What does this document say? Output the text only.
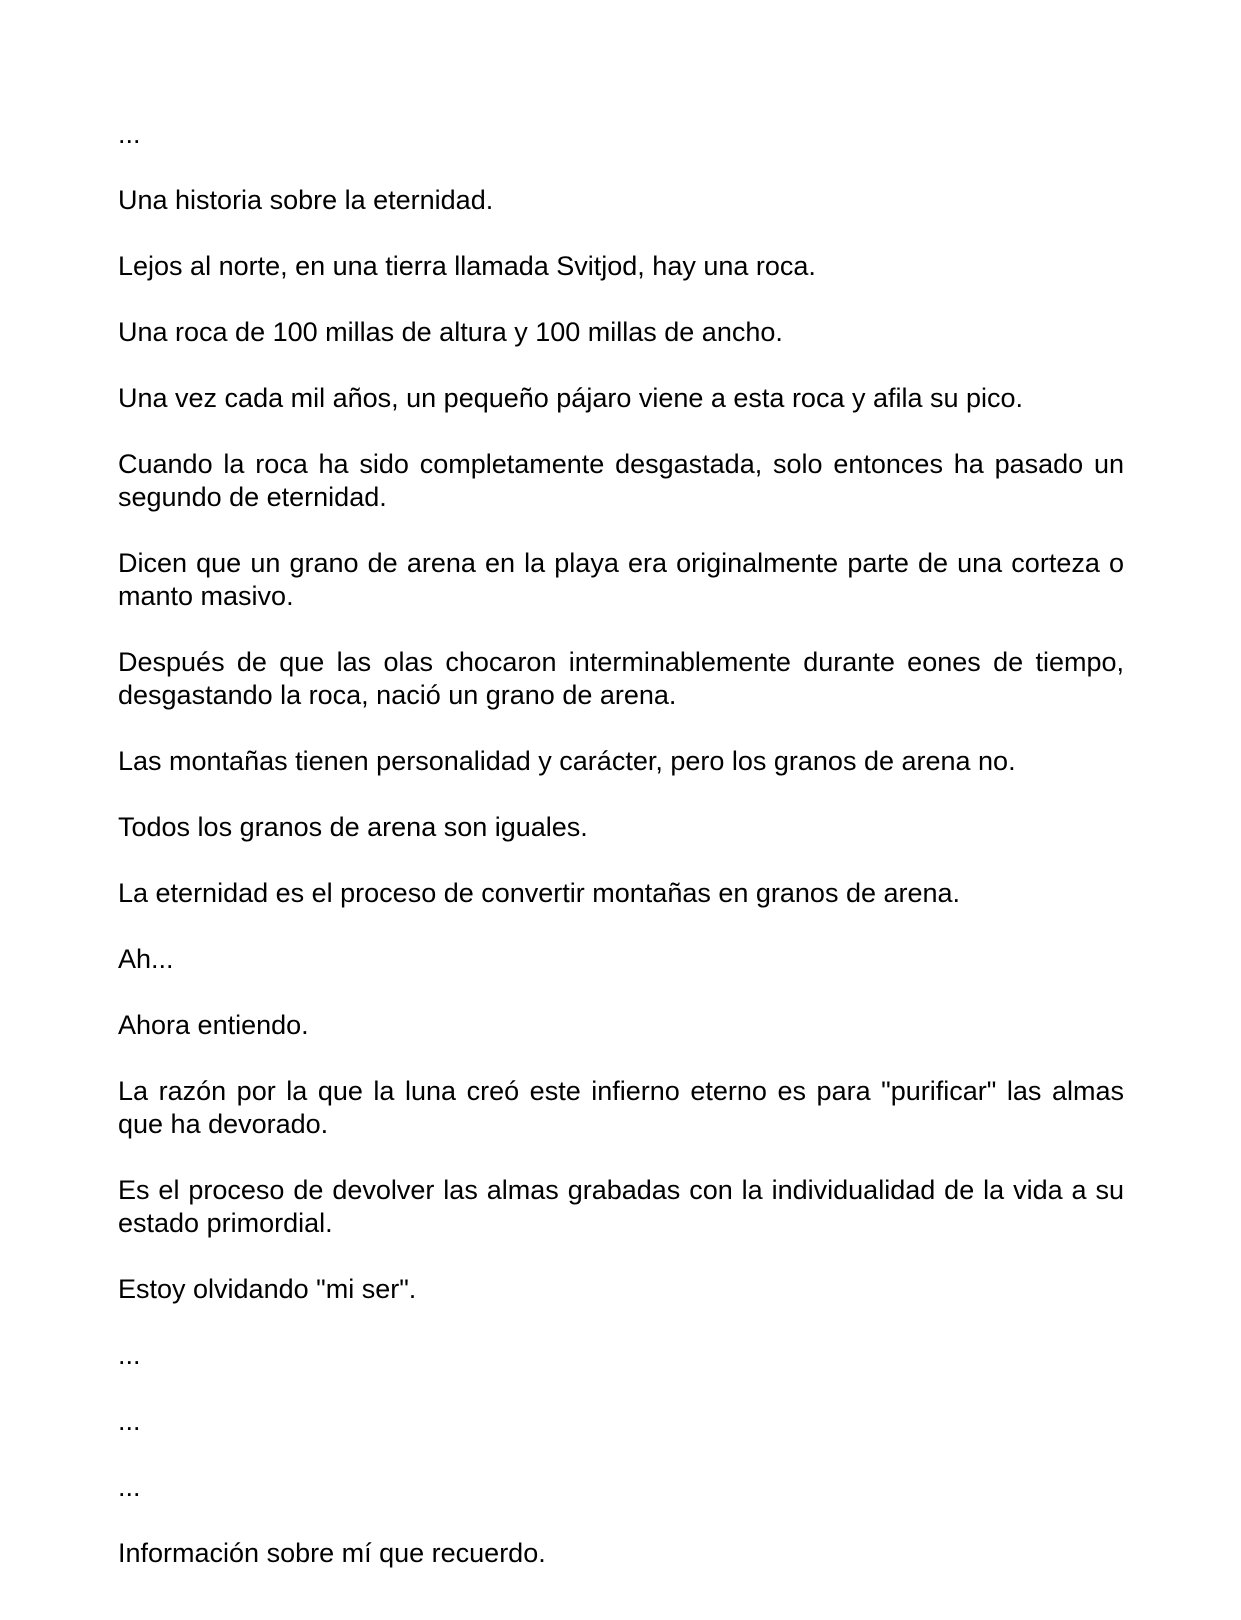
...

Una historia sobre la eternidad.

Lejos al norte, en una tierra llamada Svitjod, hay una roca.

Una roca de 100 millas de altura y 100 millas de ancho.

Una vez cada mil años, un pequeño pájaro viene a esta roca y afila su pico.

Cuando la roca ha sido completamente desgastada, solo entonces ha pasado un segundo de eternidad.

Dicen que un grano de arena en la playa era originalmente parte de una corteza o manto masivo.

Después de que las olas chocaron interminablemente durante eones de tiempo, desgastando la roca, nació un grano de arena.

Las montañas tienen personalidad y carácter, pero los granos de arena no.

Todos los granos de arena son iguales.

La eternidad es el proceso de convertir montañas en granos de arena.

Ah...

Ahora entiendo.

La razón por la que la luna creó este infierno eterno es para "purificar" las almas que ha devorado.

Es el proceso de devolver las almas grabadas con la individualidad de la vida a su estado primordial.

Estoy olvidando "mi ser".

...

...

...

Información sobre mí que recuerdo.
